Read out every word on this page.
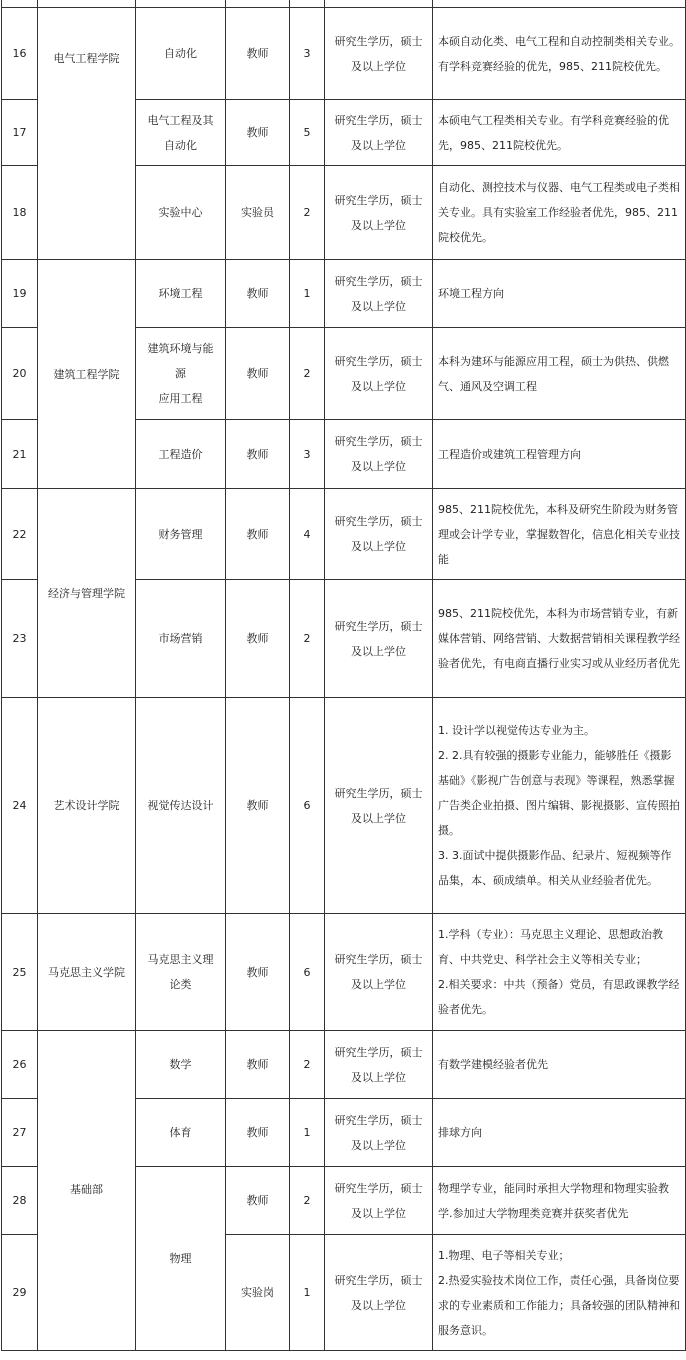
16	电气工程学院	自动化	教师	3	研究生学历，硕士
及以上学位	本硕自动化类、电气工程和自动控制类相关专业。有学科竞赛经验的优先，985、211院校优先。
17		电气工程及其
自动化	教师	5	研究生学历，硕士
及以上学位	本硕电气工程类相关专业。有学科竞赛经验的优先，985、211院校优先。
18		实验中心	实验员	2	研究生学历，硕士
及以上学位	自动化、测控技术与仪器、电气工程类或电子类相关专业。具有实验室工作经验者优先，985、211院校优先。
19	建筑工程学院	环境工程	教师	1	研究生学历，硕士
及以上学位	环境工程方向
20		建筑环境与能
源
应用工程	教师	2	研究生学历，硕士
及以上学位	本科为建环与能源应用工程，硕士为供热、供燃气、通风及空调工程
21		工程造价	教师	3	研究生学历，硕士
及以上学位	工程造价或建筑工程管理方向
22	经济与管理学院	财务管理	教师	4	研究生学历，硕士
及以上学位	985、211院校优先，本科及研究生阶段为财务管理或会计学专业，掌握数智化，信息化相关专业技能
23		市场营销	教师	2	研究生学历，硕士
及以上学位	985、211院校优先，本科为市场营销专业，有新媒体营销、网络营销、大数据营销相关课程教学经验者优先，有电商直播行业实习或从业经历者优先
24	艺术设计学院	视觉传达设计	教师	6	研究生学历，硕士
及以上学位	1. 设计学以视觉传达专业为主。
2. 2.具有较强的摄影专业能力，能够胜任《摄影基础》《影视广告创意与表现》等课程，熟悉掌握广告类企业拍摄、图片编辑、影视摄影、宣传照拍摄。
3. 3.面试中提供摄影作品、纪录片、短视频等作品集，本、硕成绩单。相关从业经验者优先。
25	马克思主义学院	马克思主义理
论类	教师	6	研究生学历，硕士
及以上学位	1.学科（专业）：马克思主义理论、思想政治教育、中共党史、科学社会主义等相关专业；
2.相关要求：中共（预备）党员，有思政课教学经验者优先。
26	基础部	数学	教师	2	研究生学历，硕士
及以上学位	有数学建模经验者优先
27		体育	教师	1	研究生学历，硕士
及以上学位	排球方向
28		物理	教师	2	研究生学历，硕士
及以上学位	物理学专业，能同时承担大学物理和物理实验教学.参加过大学物理类竞赛并获奖者优先
29			实验岗	1	研究生学历，硕士
及以上学位	1.物理、电子等相关专业；
2.热爱实验技术岗位工作，责任心强，具备岗位要求的专业素质和工作能力；具备较强的团队精神和服务意识。
